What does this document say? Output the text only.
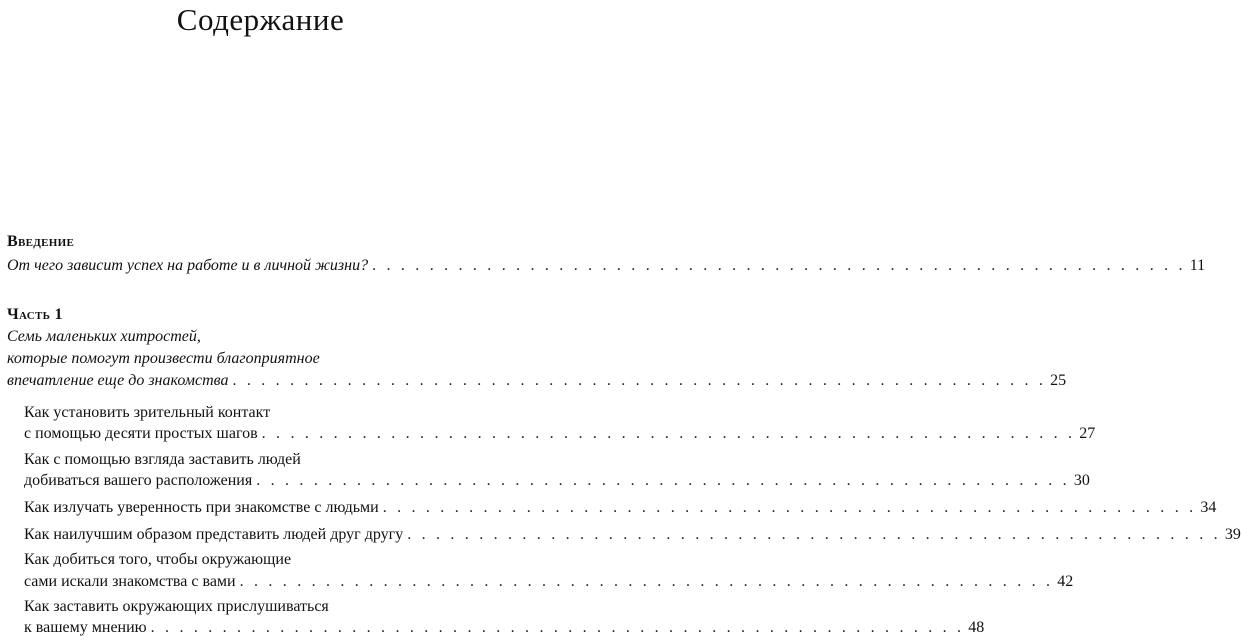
Содержание
Введение
От чего зависит успех на работе и в личной жизни? . . . . . . . . . . . . . . . . . . . . . . . . . . . . . . . . . . . . . . . . . . . . . . . . . . . . . . . . . 11
Часть 1
Семь маленьких хитростей,
которые помогут произвести благоприятное
впечатление еще до знакомства . . . . . . . . . . . . . . . . . . . . . . . . . . . . . . . . . . . . . . . . . . . . . . . . . . . . . . . . . 25
Как установить зрительный контакт
с помощью десяти простых шагов . . . . . . . . . . . . . . . . . . . . . . . . . . . . . . . . . . . . . . . . . . . . . . . . . . . . . . . . . 27
Как с помощью взгляда заставить людей
добиваться вашего расположения . . . . . . . . . . . . . . . . . . . . . . . . . . . . . . . . . . . . . . . . . . . . . . . . . . . . . . . . . 30
Как излучать уверенность при знакомстве с людьми . . . . . . . . . . . . . . . . . . . . . . . . . . . . . . . . . . . . . . . . . . . . . . . . . . . . . . . . . 34
Как наилучшим образом представить людей друг другу . . . . . . . . . . . . . . . . . . . . . . . . . . . . . . . . . . . . . . . . . . . . . . . . . . . . . . . . . 39
Как добиться того, чтобы окружающие
сами искали знакомства с вами . . . . . . . . . . . . . . . . . . . . . . . . . . . . . . . . . . . . . . . . . . . . . . . . . . . . . . . . . 42
Как заставить окружающих прислушиваться
к вашему мнению . . . . . . . . . . . . . . . . . . . . . . . . . . . . . . . . . . . . . . . . . . . . . . . . . . . . . . . . . 48
